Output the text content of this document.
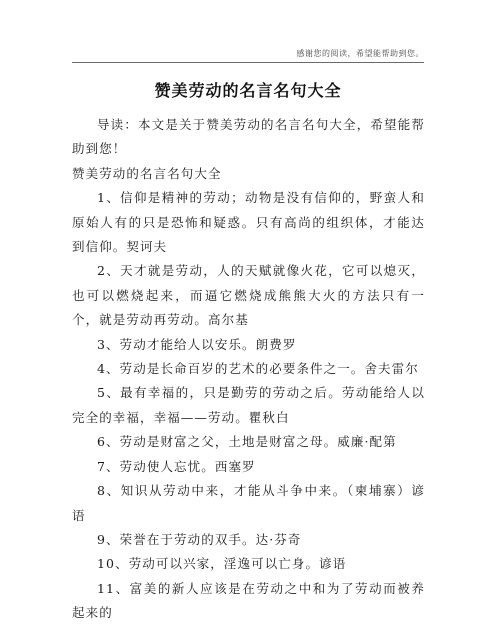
感谢您的阅读，希望能帮助到您。
赞美劳动的名言名句大全

导读：本文是关于赞美劳动的名言名句大全，希望能帮助到您！

赞美劳动的名言名句大全

1、信仰是精神的劳动；动物是没有信仰的，野蛮人和原始人有的只是恐怖和疑惑。只有高尚的组织体，才能达到信仰。契诃夫

2、天才就是劳动，人的天赋就像火花，它可以熄灭，也可以燃烧起来，而逼它燃烧成熊熊大火的方法只有一个，就是劳动再劳动。高尔基

3、劳动才能给人以安乐。朗费罗

4、劳动是长命百岁的艺术的必要条件之一。舍夫雷尔

5、最有幸福的，只是勤劳的劳动之后。劳动能给人以完全的幸福，幸福——劳动。瞿秋白

6、劳动是财富之父，土地是财富之母。威廉·配第

7、劳动使人忘忧。西塞罗

8、知识从劳动中来，才能从斗争中来。（柬埔寨）谚语

9、荣誉在于劳动的双手。达·芬奇

10、劳动可以兴家，淫逸可以亡身。谚语

11、富美的新人应该是在劳动之中和为了劳动而被养起来的
